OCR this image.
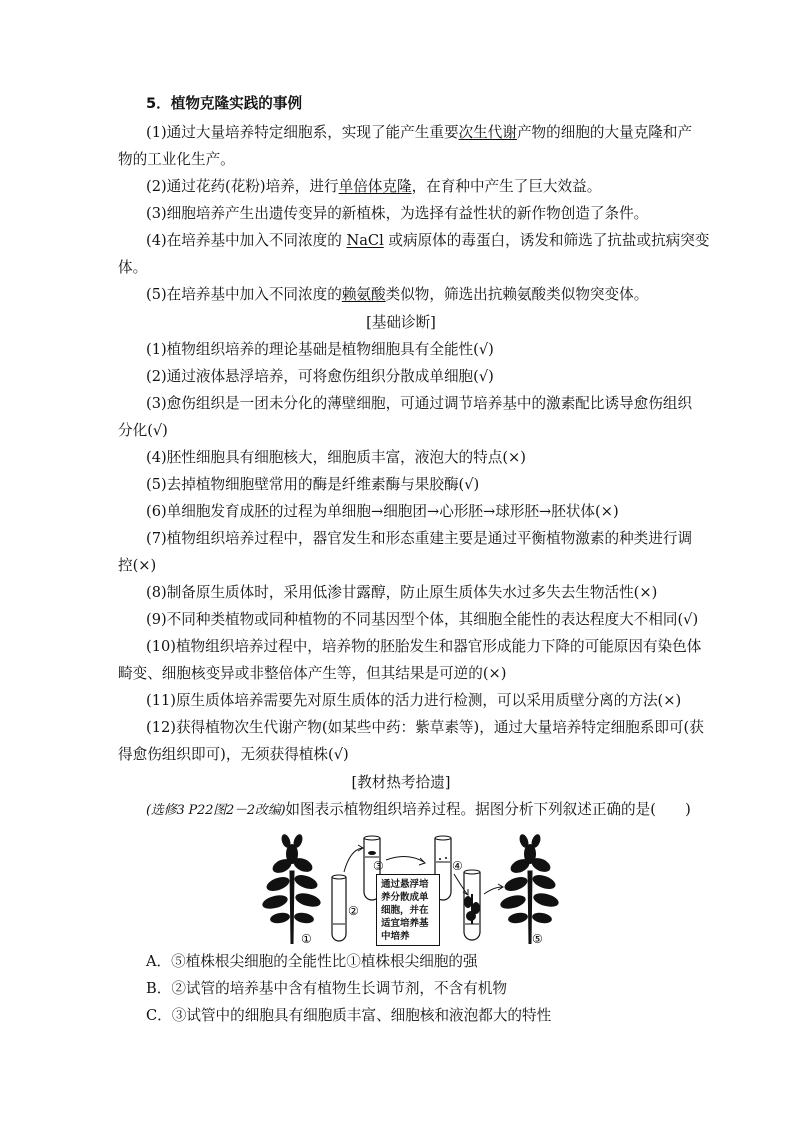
5．植物克隆实践的事例
(1)通过大量培养特定细胞系，实现了能产生重要次生代谢产物的细胞的大量克隆和产
物的工业化生产。
(2)通过花药(花粉)培养，进行单倍体克隆，在育种中产生了巨大效益。
(3)细胞培养产生出遗传变异的新植株，为选择有益性状的新作物创造了条件。
(4)在培养基中加入不同浓度的 NaCl 或病原体的毒蛋白，诱发和筛选了抗盐或抗病突变
体。
(5)在培养基中加入不同浓度的赖氨酸类似物，筛选出抗赖氨酸类似物突变体。
[基础诊断]
(1)植物组织培养的理论基础是植物细胞具有全能性(√)
(2)通过液体悬浮培养，可将愈伤组织分散成单细胞(√)
(3)愈伤组织是一团未分化的薄壁细胞，可通过调节培养基中的激素配比诱导愈伤组织
分化(√)
(4)胚性细胞具有细胞核大，细胞质丰富，液泡大的特点(×)
(5)去掉植物细胞壁常用的酶是纤维素酶与果胶酶(√)
(6)单细胞发育成胚的过程为单细胞→细胞团→心形胚→球形胚→胚状体(×)
(7)植物组织培养过程中，器官发生和形态重建主要是通过平衡植物激素的种类进行调
控(×)
(8)制备原生质体时，采用低渗甘露醇，防止原生质体失水过多失去生物活性(×)
(9)不同种类植物或同种植物的不同基因型个体，其细胞全能性的表达程度大不相同(√)
(10)植物组织培养过程中，培养物的胚胎发生和器官形成能力下降的可能原因有染色体
畸变、细胞核变异或非整倍体产生等，但其结果是可逆的(×)
(11)原生质体培养需要先对原生质体的活力进行检测，可以采用质壁分离的方法(×)
(12)获得植物次生代谢产物(如某些中药：紫草素等)，通过大量培养特定细胞系即可(获
得愈伤组织即可)，无须获得植株(√)
[教材热考拾遗]
(选修3 P22图2－2改编)如图表示植物组织培养过程。据图分析下列叙述正确的是(　　)
①
②
③	④
⑤
通过悬浮培养分散成单细胞，并在适宜培养基中培养
A．⑤植株根尖细胞的全能性比①植株根尖细胞的强
B．②试管的培养基中含有植物生长调节剂，不含有机物
C．③试管中的细胞具有细胞质丰富、细胞核和液泡都大的特性
